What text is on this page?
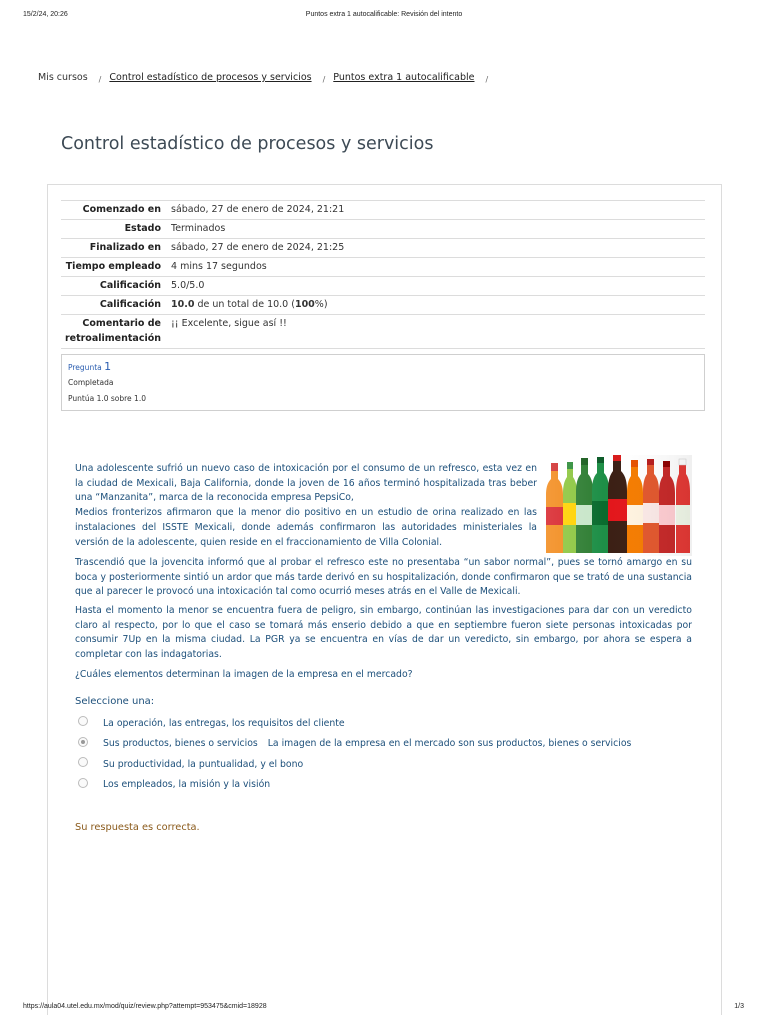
15/2/24, 20:26	Puntos extra 1 autocalificable: Revisión del intento
Mis cursos / Control estadístico de procesos y servicios / Puntos extra 1 autocalificable /
Control estadístico de procesos y servicios
Comenzado en	sábado, 27 de enero de 2024, 21:21
Estado	Terminados
Finalizado en	sábado, 27 de enero de 2024, 21:25
Tiempo empleado	4 mins 17 segundos
Calificación	5.0/5.0
Calificación	10.0 de un total de 10.0 (100%)
Comentario de retroalimentación	¡¡ Excelente, sigue así !!
Pregunta 1
Completada
Puntúa 1.0 sobre 1.0

Una adolescente sufrió un nuevo caso de intoxicación por el consumo de un refresco, esta vez en la ciudad de Mexicali, Baja California, donde la joven de 16 años terminó hospitalizada tras beber una “Manzanita”, marca de la reconocida empresa PepsiCo,

Medios fronterizos afirmaron que la menor dio positivo en un estudio de orina realizado en las instalaciones del ISSTE Mexicali, donde además confirmaron las autoridades ministeriales la versión de la adolescente, quien reside en el fraccionamiento de Villa Colonial.

Trascendió que la jovencita informó que al probar el refresco este no presentaba “un sabor normal”, pues se tornó amargo en su boca y posteriormente sintió un ardor que más tarde derivó en su hospitalización, donde confirmaron que se trató de una sustancia que al parecer le provocó una intoxicación tal como ocurrió meses atrás en el Valle de Mexicali.

Hasta el momento la menor se encuentra fuera de peligro, sin embargo, continúan las investigaciones para dar con un veredicto claro al respecto, por lo que el caso se tomará más enserio debido a que en septiembre fueron siete personas intoxicadas por consumir 7Up en la misma ciudad. La PGR ya se encuentra en vías de dar un veredicto, sin embargo, por ahora se espera a completar con las indagatorias.

¿Cuáles elementos determinan la imagen de la empresa en el mercado?

Seleccione una:
La operación, las entregas, los requisitos del cliente
Sus productos, bienes o servicios La imagen de la empresa en el mercado son sus productos, bienes o servicios
Su productividad, la puntualidad, y el bono
Los empleados, la misión y la visión
Su respuesta es correcta.
https://aula04.utel.edu.mx/mod/quiz/review.php?attempt=953475&cmid=18928	1/3
